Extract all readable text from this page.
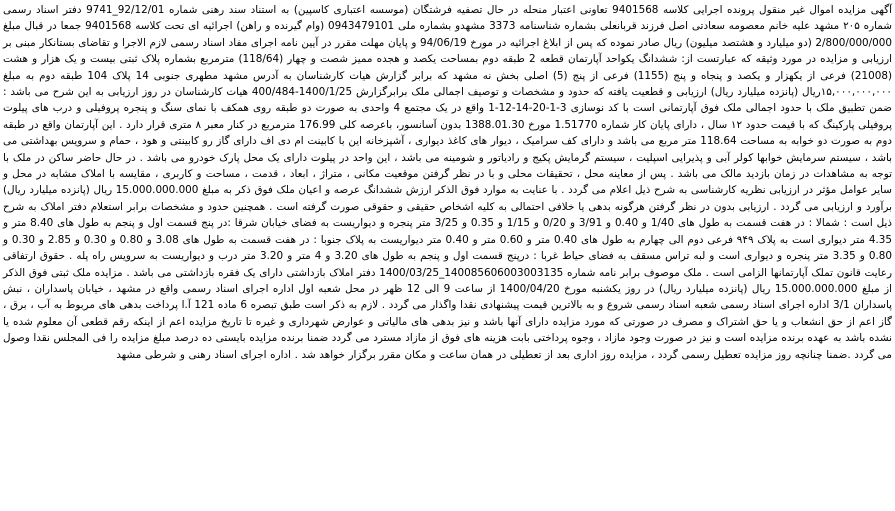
آگهی مزایده اموال غیر منقول پرونده اجرایی کلاسه 9401568 تعاونی اعتبار منحله در حال تصفیه فرشتگان (موسسه اعتباری کاسپین) به استناد سند رهنی شماره 92/12/01_9741 دفتر اسناد رسمی شماره ۲۰۵ مشهد علیه خانم معصومه سعادتی اصل فرزند قربانعلی بشماره شناسنامه 3373 مشهدو بشماره ملی 0943479101 (وام گیرنده و راهن) اجرائیه ای تحت کلاسه 9401568 جمعا در قبال مبلغ 2/800/000/000 (دو میلیارد و هشتصد میلیون) ریال صادر نموده که پس از ابلاغ اجرائیه در مورخ 94/06/19 و پایان مهلت مقرر در آیین نامه اجرای مفاد اسناد رسمی لازم الاجرا و تقاضای بستانکار مبنی بر ارزیابی و مزایده در مورد وثیقه که عبارتست از: ششدانگ یکواحد آپارتمان قطعه 2 طبقه دوم بمساحت یکصد و هجده ممیز شصت و چهار (118/64) مترمربع بشماره پلاک ثبتی بیست و یک هزار و هشت (21008) فرعی از یکهزار و یکصد و پنجاه و پنج (1155) فرعی از پنج (5) اصلی بخش نه مشهد که برابر گزارش هیات کارشناسان به آدرس مشهد مطهری جنوبی 14 پلاک 104 طبقه دوم به مبلغ ۱۵,۰۰۰,۰۰۰,۰۰۰ریال (پانزده میلیارد ریال) ارزیابی و قطعیت یافته که حدود و مشخصات و توصیف اجمالی ملک برابرگزارش 1400/1/25-400/484 هیات کارشناسان در روز ارزیابی به این شرح می باشد : ضمن تطبیق ملک با حدود اجمالی ملک فوق آپارتمانی است با کد نوسازی 3-1-20-14-12-1 واقع در یک مجتمع 4 واحدی به صورت دو طبقه روی همکف با نمای سنگ و پنجره پروفیلی و درب های پیلوت پروفیلی پارکینگ که با قیمت حدود ۱۲ سال ، دارای پایان کار شماره 1.51770 مورخ 1388.01.30 بدون آسانسور، باعرصه کلی 176.99 مترمربع در کنار معبر ۸ متری قرار دارد . این آپارتمان واقع در طبقه دوم به صورت دو خوابه به مساحت 118.64 متر مربع می باشد و دارای کف سرامیک ، دیوار های کاغذ دیواری ، آشپزخانه این با کابینت ام دی اف دارای گاز رو کابینتی و هود ، حمام و سرویس بهداشتی می باشد ، سیستم سرمایش خوابها کولر آبی و پذیرایی اسپلیت ، سیستم گرمایش پکیج و رادیاتور و شومینه می باشد ، این واحد در پیلوت دارای یک محل پارک خودرو می باشد . در حال حاضر ساکن در ملک با توجه به مشاهدات در زمان بازدید مالک می باشد . پس از معاینه محل ، تحقیقات محلی و با در نظر گرفتن موقعیت مکانی ، متراژ ، ابعاد ، قدمت ، مساحت و کاربری ، مقایسه با املاک مشابه در محل و سایر عوامل مؤثر در ارزیابی نظریه کارشناسی به شرح ذیل اعلام می گردد . با عنایت به موارد فوق الذکر ارزش ششدانگ عرصه و اعیان ملک فوق ذکر به مبلغ 15.000.000.000 ریال (پانزده میلیارد ریال) برآورد و ارزیابی می گردد . ارزیابی بدون در نظر گرفتن هرگونه بدهی یا خلافی احتمالی به کلیه اشخاص حقیقی و حقوقی صورت گرفته است . همچنین حدود و مشخصات برابر استعلام دفتر املاک به شرح ذیل است : شمالا : در هفت قسمت به طول های 1/40 و 0.40 و 3/91 و 0/20 و 1/15 و 0.35 و 3/25 متر پنجره و دیواریست به فضای خیابان شرقا :در پنج قسمت اول و پنجم به طول های 8.40 متر و 4.35 متر دیواری است به پلاک ۹۴۹ فرعی دوم الی چهارم به طول های 0.40 متر و 0.60 متر و 0.40 متر دیواریست به پلاک جنوبا : در هفت قسمت به طول های 3.08 و 0.80 و 0.30 و 2.85 و 0.30 و 0.80 و 3.35 متر پنجره و دیواری است و لبه تراس مسقف به فضای حیاط غربا : درپنج قسمت اول و پنجم به طول های 3.20 و 4 متر و 3.20 متر درب و دیواریست به سرویس راه پله . حقوق ارتفاقی رعایت قانون تملک آپارتمانها الزامی است . ملک موصوف برابر نامه شماره 140085606003003135_1400/03/25 دفتر املاک بازداشتی دارای یک فقره بازداشتی می باشد . مزایده ملک ثبتی فوق الذکر از مبلغ 15.000.000.000 ریال (پانزده میلیارد ریال) در روز یکشنبه مورخ 1400/04/20 از ساعت 9 الی 12 ظهر در محل شعبه اول اداره اجرای اسناد رسمی واقع در مشهد ، خیابان پاسداران ، نبش پاسداران 3/1 اداره اجرای اسناد رسمی شعبه اسناد رسمی شروع و به بالاترین قیمت پیشنهادی نقدا واگذار می گردد . لازم به ذکر است طبق تبصره 6 ماده 121 آ.ا پرداخت بدهی های مربوط به آب ، برق ، گاز اعم از حق انشعاب و یا حق اشتراک و مصرف در صورتی که مورد مزایده دارای آنها باشد و نیز بدهی های مالیاتی و عوارض شهرداری و غیره تا تاریخ مزایده اعم از اینکه رقم قطعی آن معلوم شده یا نشده باشد به عهده برنده مزایده است و نیز در صورت وجود مازاد ، وجوه پرداختی بابت هزینه های فوق از مازاد مسترد می گردد ضمنا برنده مزایده بایستی ده درصد مبلغ مزایده را فی المجلس نقدا وصول می گردد .ضمنا چنانچه روز مزایده تعطیل رسمی گردد ، مزایده روز اداری بعد از تعطیلی در همان ساعت و مکان مقرر برگزار خواهد شد . اداره اجرای اسناد رهنی و شرطی مشهد
